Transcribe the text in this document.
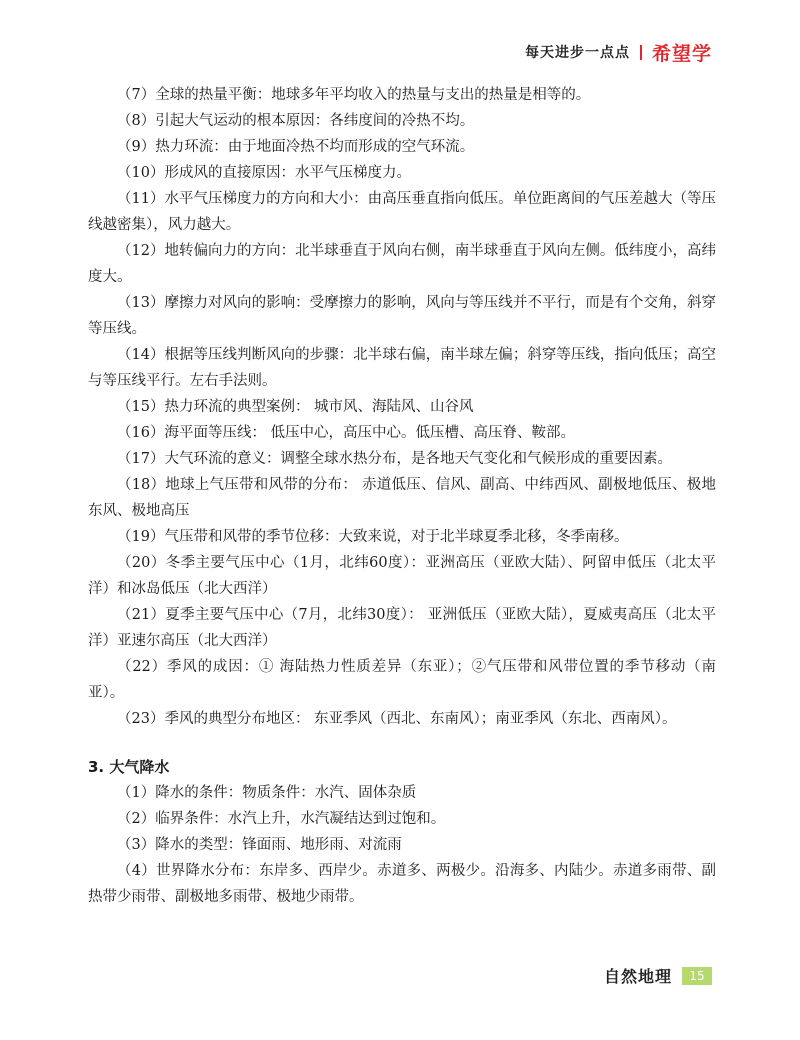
每天进步一点点 希望学

（7）全球的热量平衡：地球多年平均收入的热量与支出的热量是相等的。

（8）引起大气运动的根本原因：各纬度间的冷热不均。

（9）热力环流：由于地面冷热不均而形成的空气环流。

（10）形成风的直接原因：水平气压梯度力。

（11）水平气压梯度力的方向和大小：由高压垂直指向低压。单位距离间的气压差越大（等压线越密集），风力越大。

（12）地转偏向力的方向：北半球垂直于风向右侧，南半球垂直于风向左侧。低纬度小，高纬度大。

（13）摩擦力对风向的影响：受摩擦力的影响，风向与等压线并不平行，而是有个交角，斜穿等压线。

（14）根据等压线判断风向的步骤：北半球右偏，南半球左偏；斜穿等压线，指向低压；高空与等压线平行。左右手法则。

（15）热力环流的典型案例： 城市风、海陆风、山谷风

（16）海平面等压线： 低压中心，高压中心。低压槽、高压脊、鞍部。

（17）大气环流的意义：调整全球水热分布，是各地天气变化和气候形成的重要因素。

（18）地球上气压带和风带的分布： 赤道低压、信风、副高、中纬西风、副极地低压、极地东风、极地高压

（19）气压带和风带的季节位移：大致来说，对于北半球夏季北移，冬季南移。

（20）冬季主要气压中心（1月，北纬60度）：亚洲高压（亚欧大陆）、阿留申低压（北太平洋）和冰岛低压（北大西洋）

（21）夏季主要气压中心（7月，北纬30度）： 亚洲低压（亚欧大陆），夏威夷高压（北太平洋）亚速尔高压（北大西洋）

（22）季风的成因：① 海陆热力性质差异（东亚）；②气压带和风带位置的季节移动（南亚）。

（23）季风的典型分布地区： 东亚季风（西北、东南风）；南亚季风（东北、西南风）。

3. 大气降水

（1）降水的条件：物质条件：水汽、固体杂质

（2）临界条件：水汽上升，水汽凝结达到过饱和。

（3）降水的类型：锋面雨、地形雨、对流雨

（4）世界降水分布：东岸多、西岸少。赤道多、两极少。沿海多、内陆少。赤道多雨带、副热带少雨带、副极地多雨带、极地少雨带。

自然地理	15
